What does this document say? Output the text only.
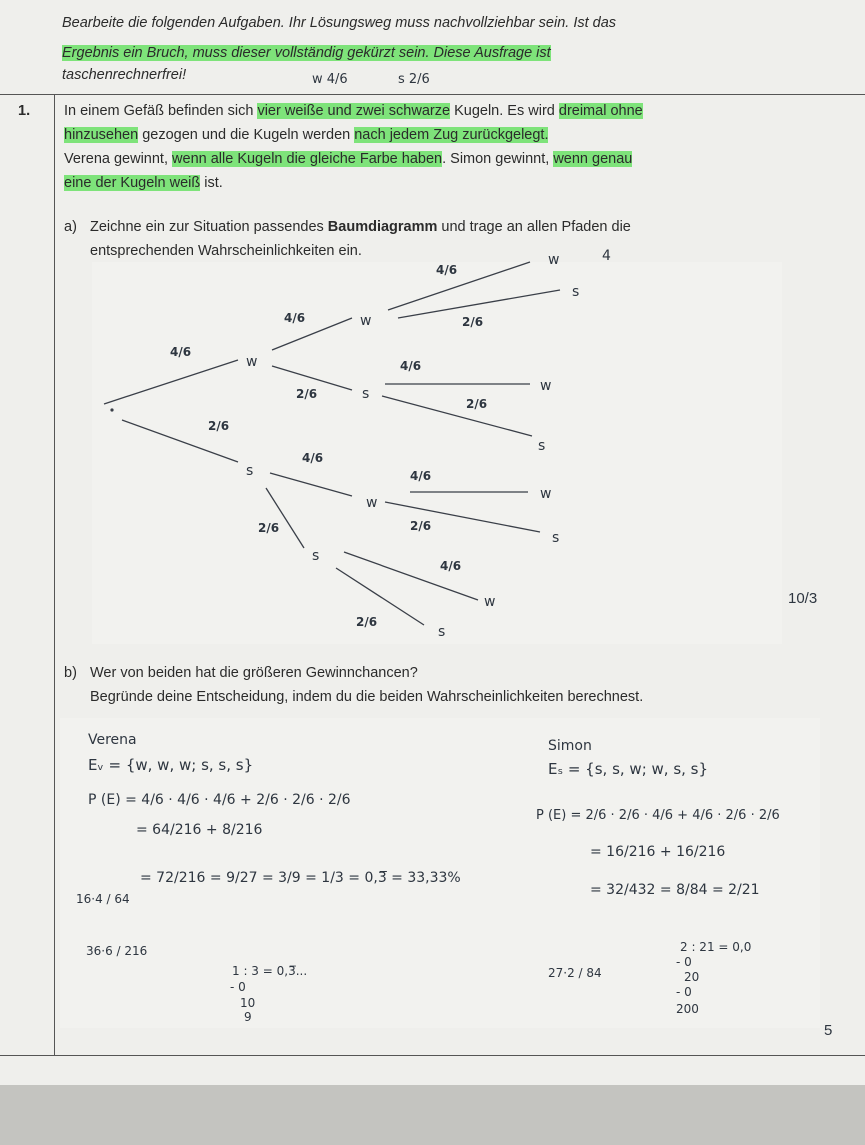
Bearbeite die folgenden Aufgaben. Ihr Lösungsweg muss nachvollziehbar sein. Ist das
Ergebnis ein Bruch, muss dieser vollständig gekürzt sein. Diese Ausfrage ist
taschenrechnerfrei!	w 4/6	s 2/6
1. In einem Gefäß befinden sich vier weiße und zwei schwarze Kugeln. Es wird dreimal ohne
hinzusehen gezogen und die Kugeln werden nach jedem Zug zurückgelegt.
Verena gewinnt, wenn alle Kugeln die gleiche Farbe haben. Simon gewinnt, wenn genau
eine der Kugeln weiß ist.
a) Zeichne ein zur Situation passendes Baumdiagramm und trage an allen Pfaden die
entsprechenden Wahrscheinlichkeiten ein.
w
s
w
s
w
s
w
s
w
s
w
s
w
s
4
4/6
2/6
4/6
2/6
4/6
2/6
4/6
2/6
4/6
2/6
4/6
2/6
4/6
2/6
10/3
b) Wer von beiden hat die größeren Gewinnchancen?
Begründe deine Entscheidung, indem du die beiden Wahrscheinlichkeiten berechnest.
Verena
Eᵥ = {w, w, w; s, s, s}
P (E) = 4/6 · 4/6 · 4/6 + 2/6 · 2/6 · 2/6
= 64/216 + 8/216
= 72/216 = 9/27 = 3/9 = 1/3 = 0,3̅ = 33,33%
16·4 / 64
36·6 / 216
1 : 3 = 0,3̅...
- 0
10
9
Simon
Eₛ = {s, s, w; w, s, s}
P (E) = 2/6 · 2/6 · 4/6 + 4/6 · 2/6 · 2/6
= 16/216 + 16/216
= 32/432 = 8/84 = 2/21
27·2 / 84
2 : 21 = 0,0
- 0
20
- 0
200
5
